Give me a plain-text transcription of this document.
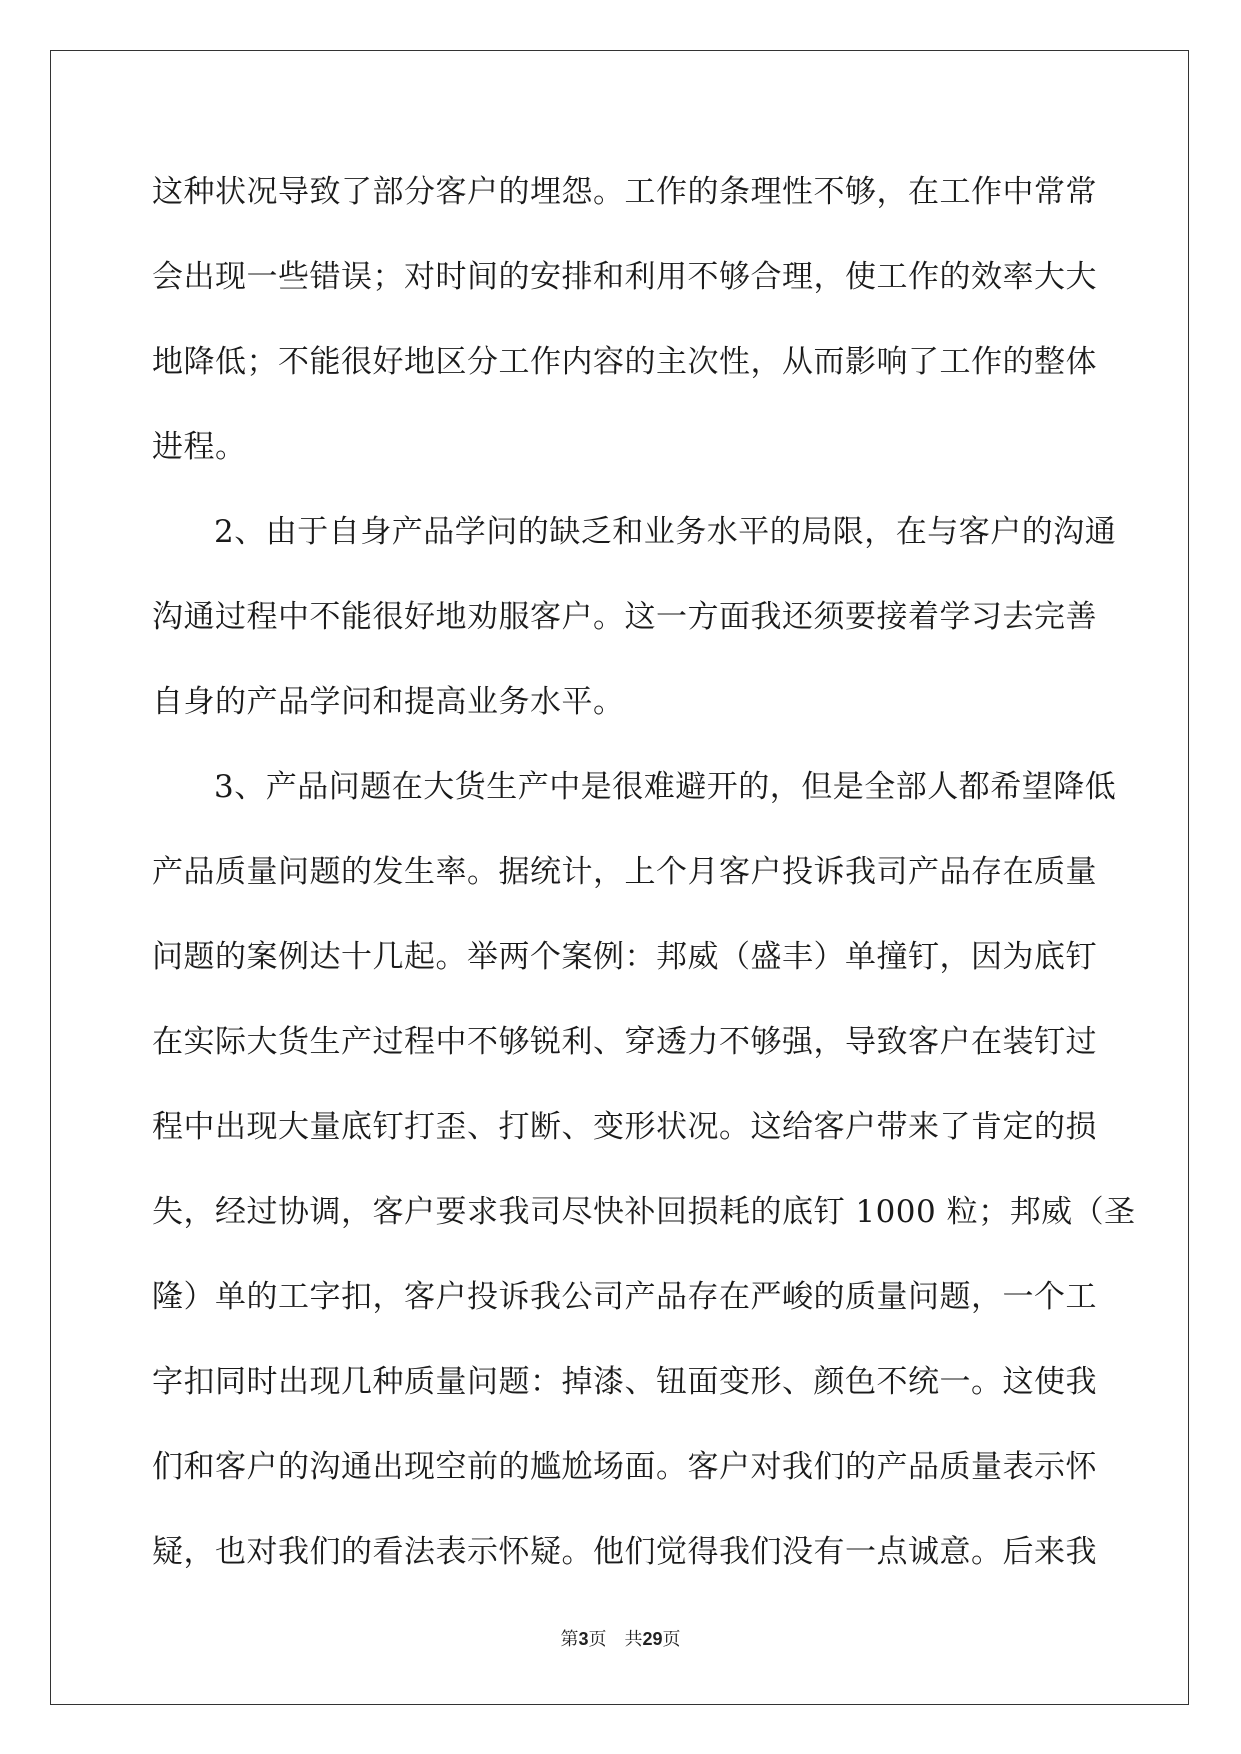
这种状况导致了部分客户的埋怨。工作的条理性不够，在工作中常常
会出现一些错误；对时间的安排和利用不够合理，使工作的效率大大
地降低；不能很好地区分工作内容的主次性，从而影响了工作的整体
进程。
2、由于自身产品学问的缺乏和业务水平的局限，在与客户的沟通
沟通过程中不能很好地劝服客户。这一方面我还须要接着学习去完善
自身的产品学问和提高业务水平。
3、产品问题在大货生产中是很难避开的，但是全部人都希望降低
产品质量问题的发生率。据统计，上个月客户投诉我司产品存在质量
问题的案例达十几起。举两个案例：邦威（盛丰）单撞钉，因为底钉
在实际大货生产过程中不够锐利、穿透力不够强，导致客户在装钉过
程中出现大量底钉打歪、打断、变形状况。这给客户带来了肯定的损
失，经过协调，客户要求我司尽快补回损耗的底钉 1000 粒；邦威（圣
隆）单的工字扣，客户投诉我公司产品存在严峻的质量问题，一个工
字扣同时出现几种质量问题：掉漆、钮面变形、颜色不统一。这使我
们和客户的沟通出现空前的尴尬场面。客户对我们的产品质量表示怀
疑，也对我们的看法表示怀疑。他们觉得我们没有一点诚意。后来我
第3页 共29页
